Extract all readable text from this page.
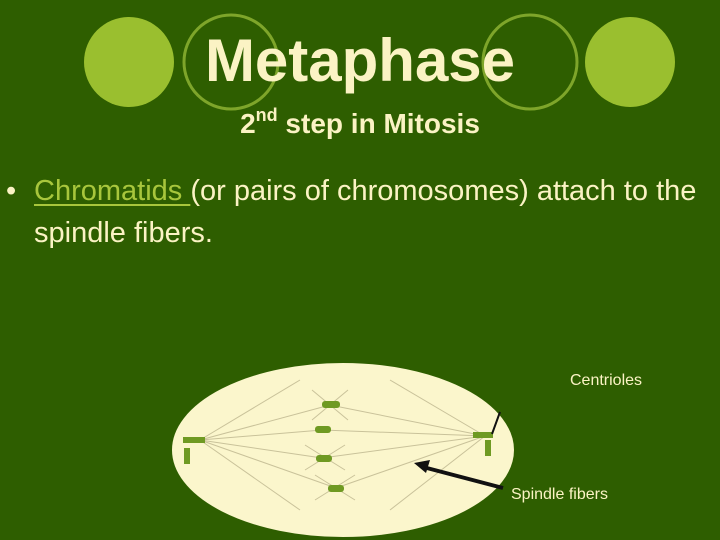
Metaphase
2nd step in Mitosis
• Chromatids (or pairs of chromosomes) attach to the spindle fibers.
Centrioles
Spindle fibers
